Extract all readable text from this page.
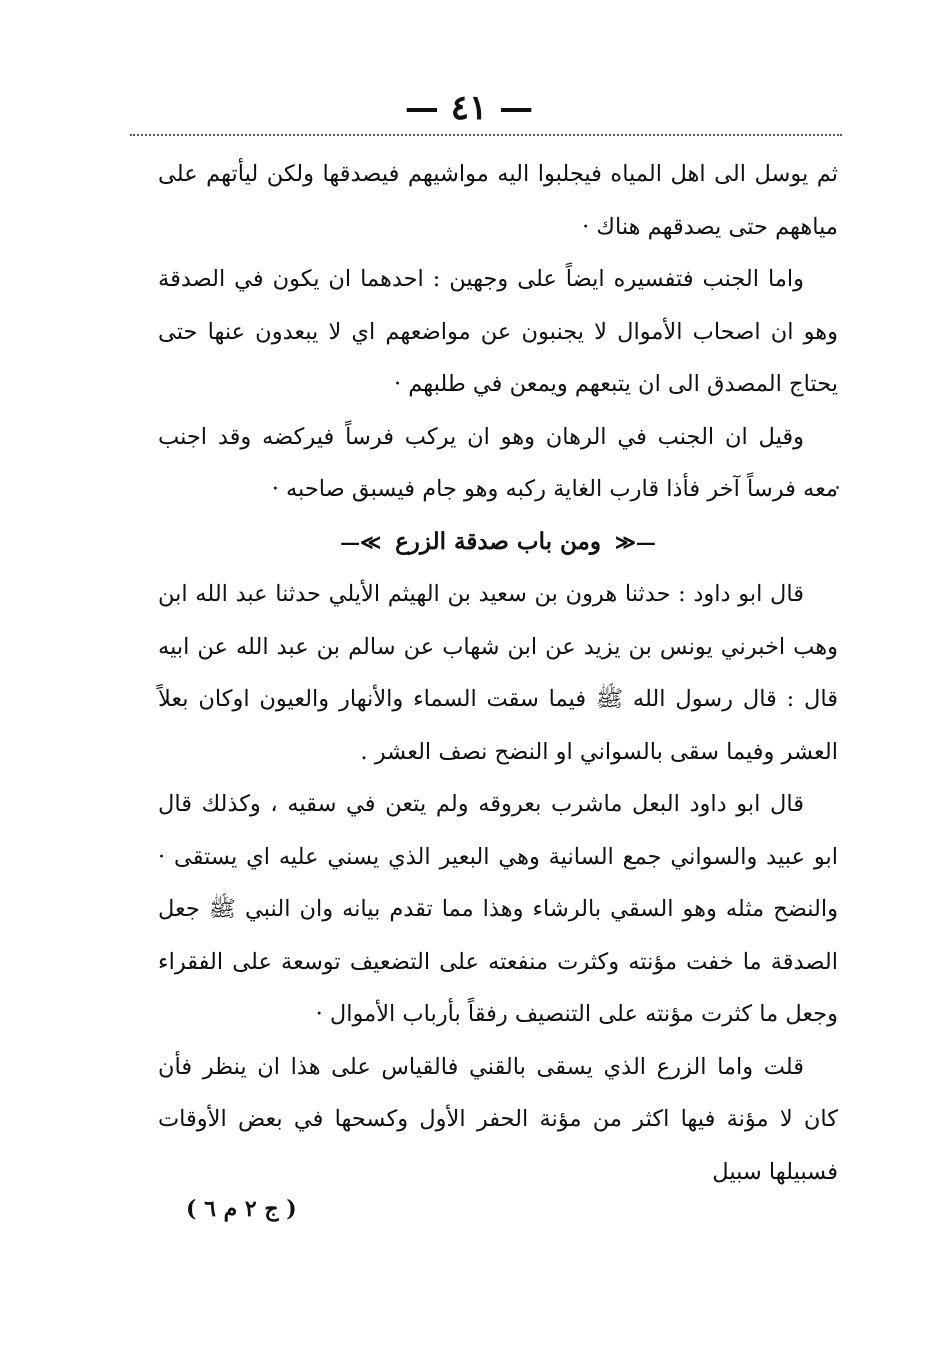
— ٤١ —

ثم يوسل الى اهل المياه فيجلبوا اليه مواشيهم فيصدقها ولكن ليأتهم على مياههم حتى يصدقهم هناك ·

واما الجنب فتفسيره ايضاً على وجهين : احدهما ان يكون في الصدقة وهو ان اصحاب الأموال لا يجنبون عن مواضعهم اي لا يبعدون عنها حتى يحتاج المصدق الى ان يتبعهم ويمعن في طلبهم ·

وقيل ان الجنب في الرهان وهو ان يركب فرساً فيركضه وقد اجنب معه فرساً آخر فأذا قارب الغاية ركبه وهو جام فيسبق صاحبه ·

—≪ ومن باب صدقة الزرع ≫—

قال ابو داود : حدثنا هرون بن سعيد بن الهيثم الأيلي حدثنا عبد الله ابن وهب اخبرني يونس بن يزيد عن ابن شهاب عن سالم بن عبد الله عن ابيه قال : قال رسول الله ﷺ فيما سقت السماء والأنهار والعيون اوكان بعلاً العشر وفيما سقى بالسواني او النضح نصف العشر .

قال ابو داود البعل ماشرب بعروقه ولم يتعن في سقيه ، وكذلك قال ابو عبيد والسواني جمع السانية وهي البعير الذي يسني عليه اي يستقى · والنضح مثله وهو السقي بالرشاء وهذا مما تقدم بيانه وان النبي ﷺ جعل الصدقة ما خفت مؤنته وكثرت منفعته على التضعيف توسعة على الفقراء وجعل ما كثرت مؤنته على التنصيف رفقاً بأرباب الأموال ·

قلت واما الزرع الذي يسقى بالقني فالقياس على هذا ان ينظر فأن كان لا مؤنة فيها اكثر من مؤنة الحفر الأول وكسحها في بعض الأوقات فسبيلها سبيل

( ج ٢ م ٦ )
